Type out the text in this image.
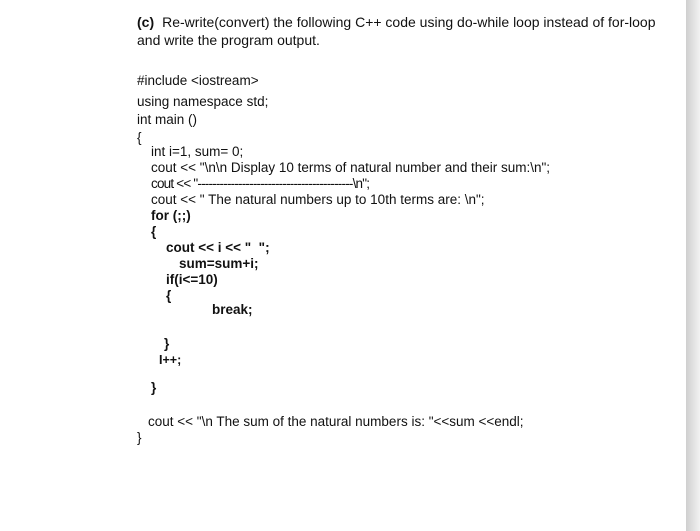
(c) Re-write(convert) the following C++ code using do-while loop instead of for-loop and write the program output.
#include <iostream>
using namespace std;
int main ()
{
int i=1, sum= 0;
cout << "\n\n Display 10 terms of natural number and their sum:\n";
cout << "------------------------------------------\n";
cout << " The natural numbers up to 10th terms are: \n";
for (;;)
{
cout << i << "  ";
sum=sum+i;
if(i<=10)
{
break;
}
I++;
}
cout << "\n The sum of the natural numbers is: "<<sum <<endl;
}
